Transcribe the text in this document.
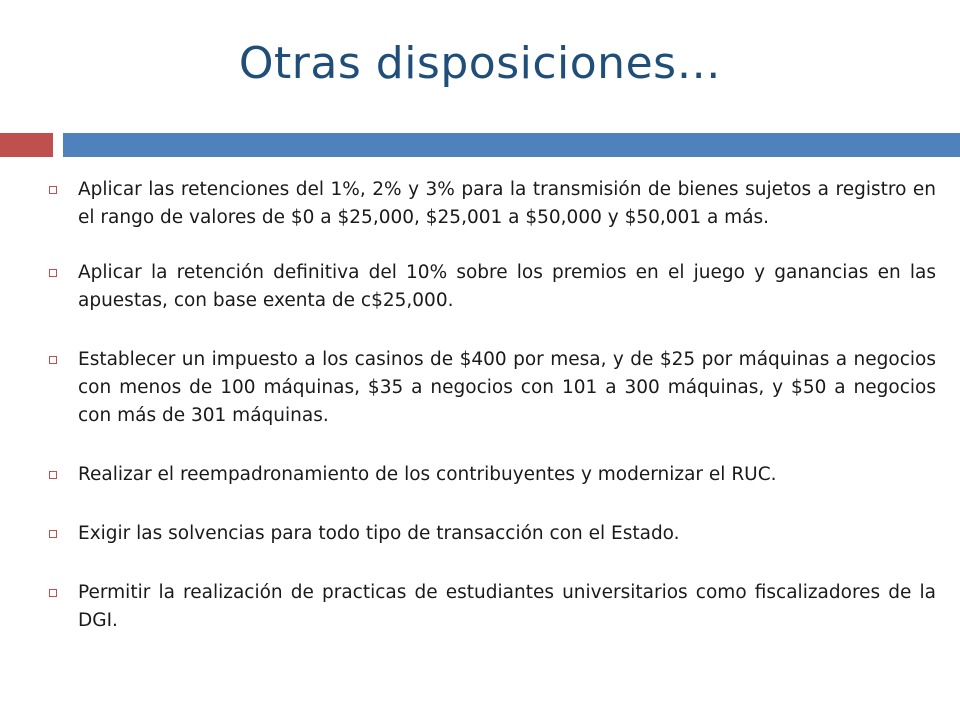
Otras disposiciones…
Aplicar las retenciones del 1%, 2% y 3% para la transmisión de bienes sujetos a registro en el rango de valores de $0 a $25,000, $25,001 a $50,000 y $50,001 a más.
Aplicar la retención definitiva del 10% sobre los premios en el juego y ganancias en las apuestas, con base exenta de c$25,000.
Establecer un impuesto a los casinos de $400 por mesa, y de $25 por máquinas a negocios con menos de 100 máquinas, $35 a negocios con 101 a 300 máquinas, y $50 a negocios con más de 301 máquinas.
Realizar el reempadronamiento de los contribuyentes y modernizar el RUC.
Exigir las solvencias para todo tipo de transacción con el Estado.
Permitir la realización de practicas de estudiantes universitarios como fiscalizadores de la DGI.
